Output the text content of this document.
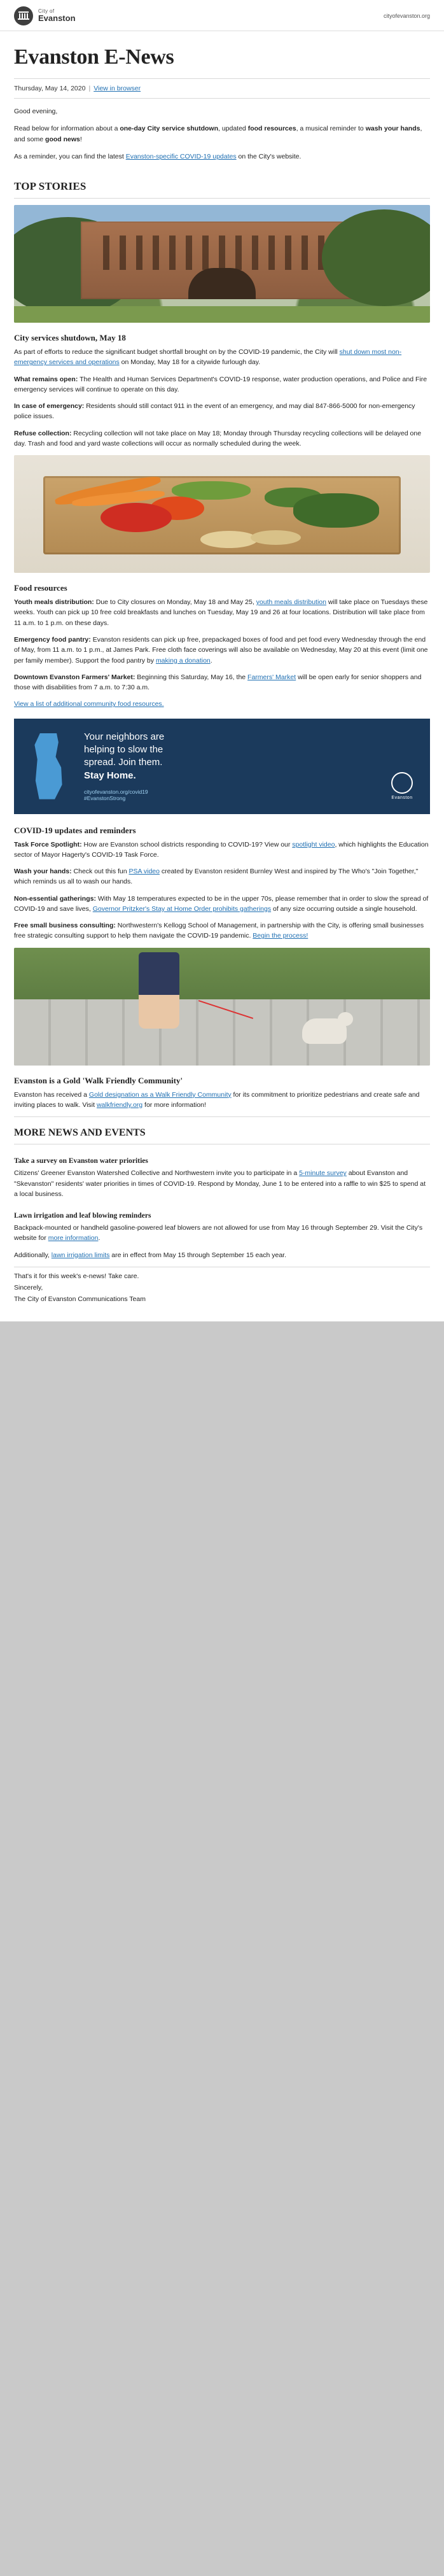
City of
Evanston	cityofevanston.org
Evanston E-News
Thursday, May 14, 2020 | View in browser

Good evening,

Read below for information about a one-day City service shutdown, updated food resources, a musical reminder to wash your hands, and some good news!

As a reminder, you can find the latest Evanston-specific COVID-19 updates on the City's website.

TOP STORIES
City services shutdown, May 18

As part of efforts to reduce the significant budget shortfall brought on by the COVID-19 pandemic, the City will shut down most non-emergency services and operations on Monday, May 18 for a citywide furlough day.

What remains open: The Health and Human Services Department's COVID-19 response, water production operations, and Police and Fire emergency services will continue to operate on this day.

In case of emergency: Residents should still contact 911 in the event of an emergency, and may dial 847-866-5000 for non-emergency police issues.

Refuse collection: Recycling collection will not take place on May 18; Monday through Thursday recycling collections will be delayed one day. Trash and food and yard waste collections will occur as normally scheduled during the week.

Food resources

Youth meals distribution: Due to City closures on Monday, May 18 and May 25, youth meals distribution will take place on Tuesdays these weeks. Youth can pick up 10 free cold breakfasts and lunches on Tuesday, May 19 and 26 at four locations. Distribution will take place from 11 a.m. to 1 p.m. on these days.

Emergency food pantry: Evanston residents can pick up free, prepackaged boxes of food and pet food every Wednesday through the end of May, from 11 a.m. to 1 p.m., at James Park. Free cloth face coverings will also be available on Wednesday, May 20 at this event (limit one per family member). Support the food pantry by making a donation.

Downtown Evanston Farmers' Market: Beginning this Saturday, May 16, the Farmers' Market will be open early for senior shoppers and those with disabilities from 7 a.m. to 7:30 a.m.

View a list of additional community food resources.

Your neighbors are
helping to slow the
spread. Join them.
Stay Home.
cityofevanston.org/covid19
#EvanstonStrong	Evanston
COVID-19 updates and reminders

Task Force Spotlight: How are Evanston school districts responding to COVID-19? View our spotlight video, which highlights the Education sector of Mayor Hagerty's COVID-19 Task Force.

Wash your hands: Check out this fun PSA video created by Evanston resident Burnley West and inspired by The Who's "Join Together," which reminds us all to wash our hands.

Non-essential gatherings: With May 18 temperatures expected to be in the upper 70s, please remember that in order to slow the spread of COVID-19 and save lives, Governor Pritzker's Stay at Home Order prohibits gatherings of any size occurring outside a single household.

Free small business consulting: Northwestern's Kellogg School of Management, in partnership with the City, is offering small businesses free strategic consulting support to help them navigate the COVID-19 pandemic. Begin the process!

Evanston is a Gold 'Walk Friendly Community'

Evanston has received a Gold designation as a Walk Friendly Community for its commitment to prioritize pedestrians and create safe and inviting places to walk. Visit walkfriendly.org for more information!

MORE NEWS AND EVENTS
Take a survey on Evanston water priorities

Citizens' Greener Evanston Watershed Collective and Northwestern invite you to participate in a 5-minute survey about Evanston and "Skevanston" residents' water priorities in times of COVID-19. Respond by Monday, June 1 to be entered into a raffle to win $25 to spend at a local business.

Lawn irrigation and leaf blowing reminders

Backpack-mounted or handheld gasoline-powered leaf blowers are not allowed for use from May 16 through September 29. Visit the City's website for more information.

Additionally, lawn irrigation limits are in effect from May 15 through September 15 each year.

That's it for this week's e-news! Take care.
Sincerely,
The City of Evanston Communications Team
